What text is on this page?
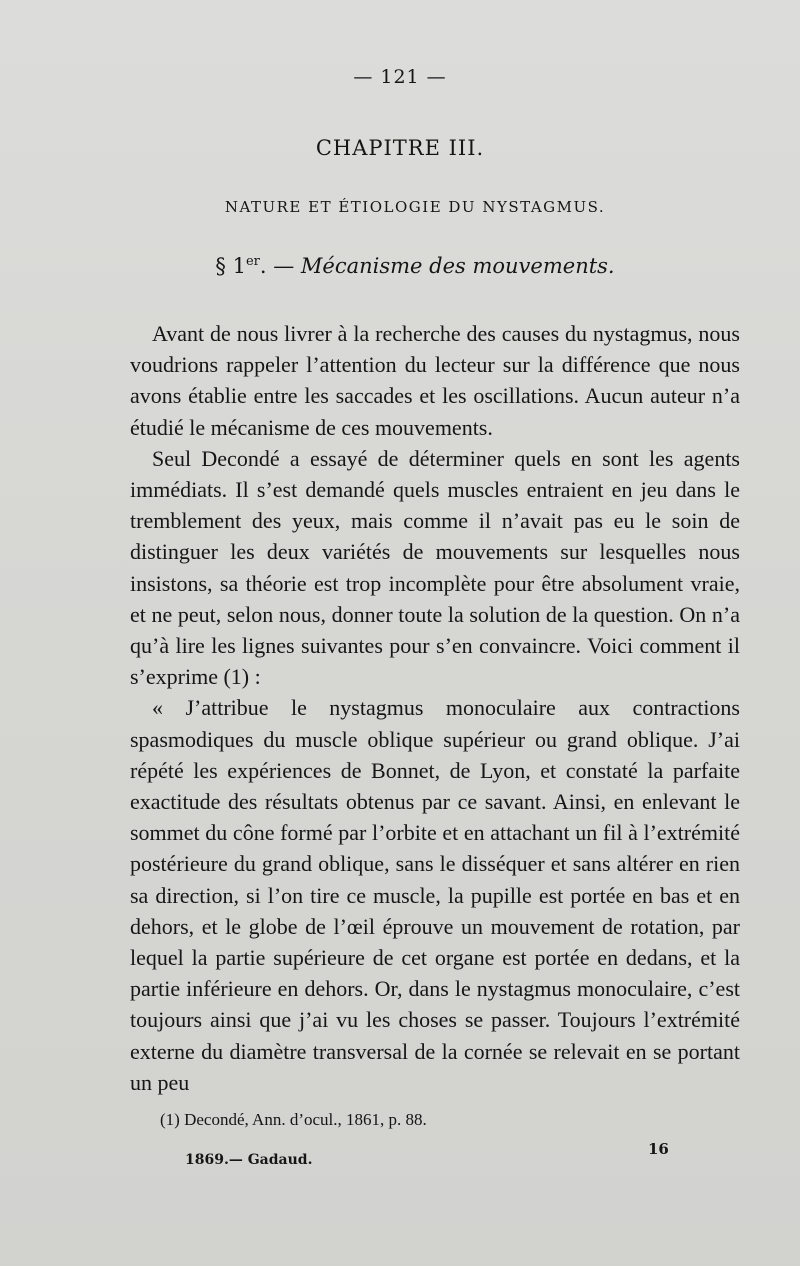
— 121 —
CHAPITRE III.
NATURE ET ÉTIOLOGIE DU NYSTAGMUS.
§ 1er. — Mécanisme des mouvements.

Avant de nous livrer à la recherche des causes du nystagmus, nous voudrions rappeler l’attention du lecteur sur la différence que nous avons établie entre les saccades et les oscillations. Aucun auteur n’a étudié le mécanisme de ces mouvements.

Seul Decondé a essayé de déterminer quels en sont les agents immédiats. Il s’est demandé quels muscles entraient en jeu dans le tremblement des yeux, mais comme il n’avait pas eu le soin de distinguer les deux variétés de mouvements sur lesquelles nous insistons, sa théorie est trop incomplète pour être absolument vraie, et ne peut, selon nous, donner toute la solution de la question. On n’a qu’à lire les lignes suivantes pour s’en convaincre. Voici comment il s’exprime (1) :

« J’attribue le nystagmus monoculaire aux contractions spasmodiques du muscle oblique supérieur ou grand oblique. J’ai répété les expériences de Bonnet, de Lyon, et constaté la parfaite exactitude des résultats obtenus par ce savant. Ainsi, en enlevant le sommet du cône formé par l’orbite et en attachant un fil à l’extrémité postérieure du grand oblique, sans le disséquer et sans altérer en rien sa direction, si l’on tire ce muscle, la pupille est portée en bas et en dehors, et le globe de l’œil éprouve un mouvement de rotation, par lequel la partie supérieure de cet organe est portée en dedans, et la partie inférieure en dehors. Or, dans le nystagmus monoculaire, c’est toujours ainsi que j’ai vu les choses se passer. Toujours l’extrémité externe du diamètre transversal de la cornée se relevait en se portant un peu

(1) Decondé, Ann. d’ocul., 1861, p. 88.
1869.— Gadaud.
16
